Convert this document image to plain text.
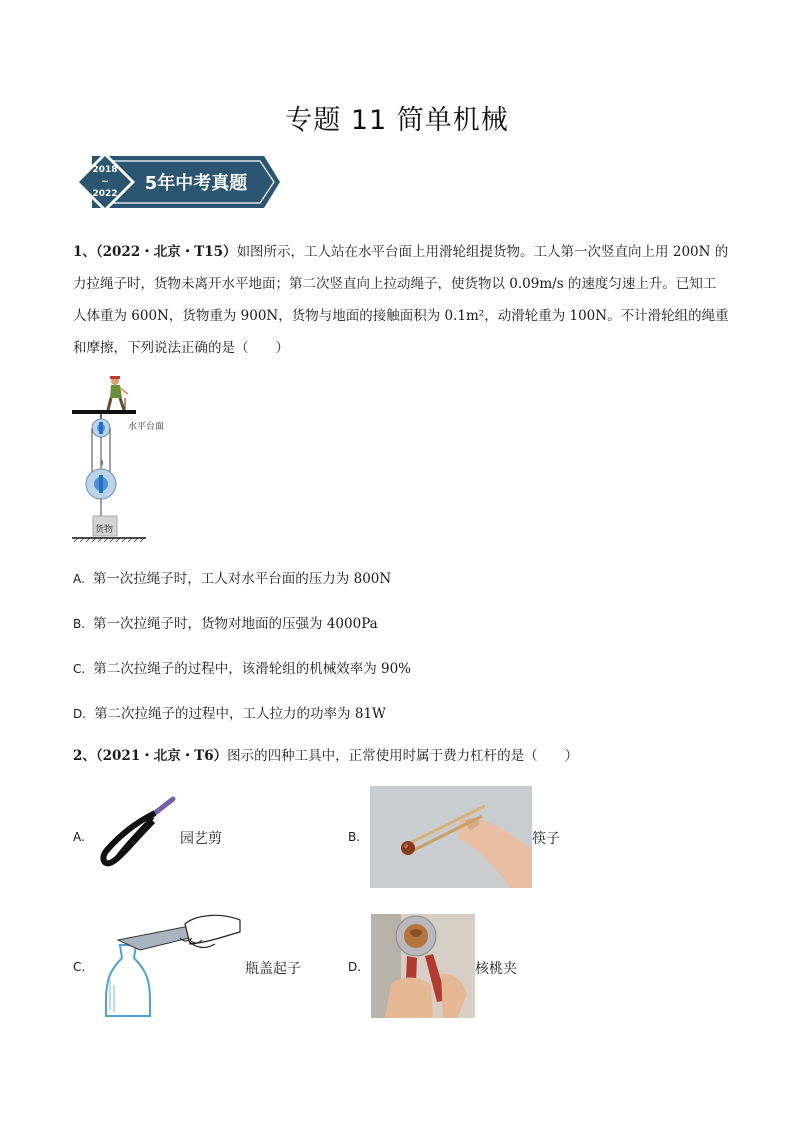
专题 11 简单机械
2018
~
2022 5年中考真题
1、（2022・北京・T15）如图所示，工人站在水平台面上用滑轮组提货物。工人第一次竖直向上用 200N 的
力拉绳子时，货物未离开水平地面；第二次竖直向上拉动绳子，使货物以 0.09m/s 的速度匀速上升。已知工
人体重为 600N，货物重为 900N，货物与地面的接触面积为 0.1m²，动滑轮重为 100N。不计滑轮组的绳重
和摩擦，下列说法正确的是（　　）
水平台面
货物
A. 第一次拉绳子时，工人对水平台面的压力为 800N
B. 第一次拉绳子时，货物对地面的压强为 4000Pa
C. 第二次拉绳子的过程中，该滑轮组的机械效率为 90%
D. 第二次拉绳子的过程中，工人拉力的功率为 81W
2、（2021・北京・T6）图示的四种工具中，正常使用时属于费力杠杆的是（　　）
A.	园艺剪	B.	筷子
C.	瓶盖起子	D.	核桃夹
